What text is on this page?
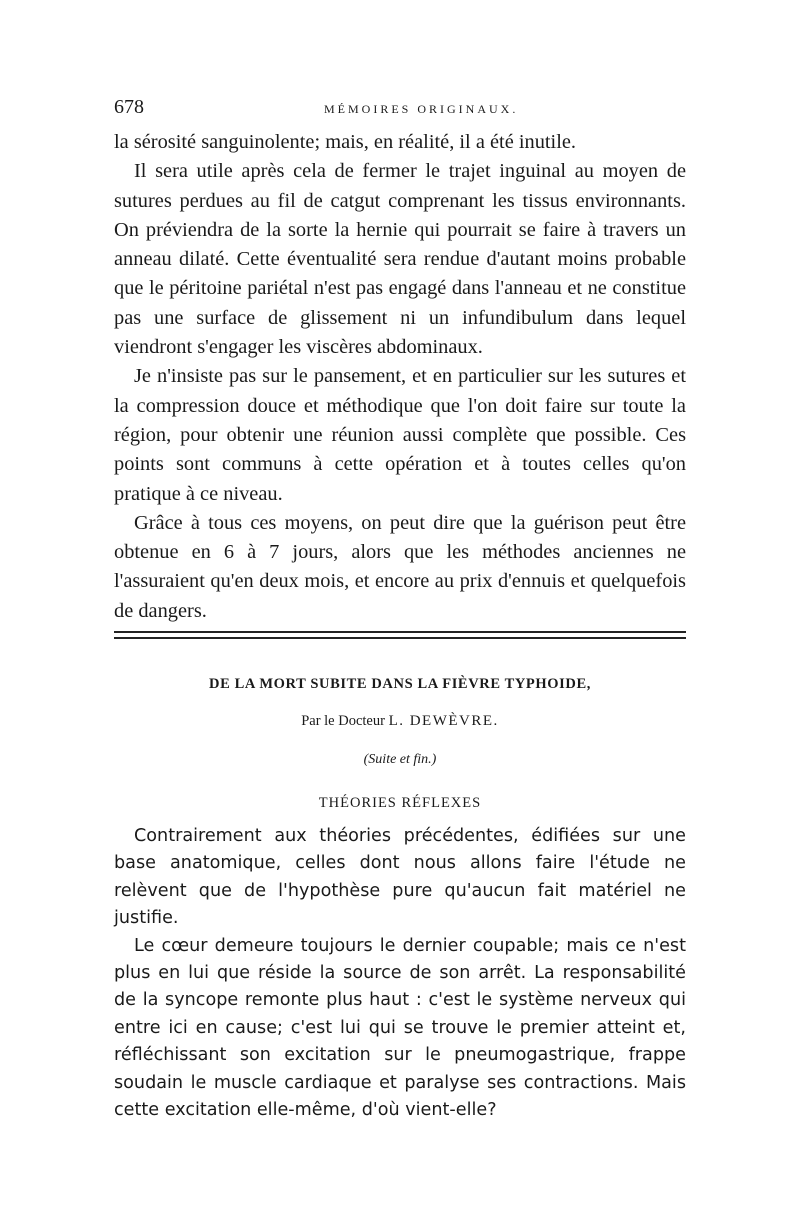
678	MÉMOIRES ORIGINAUX.

la sérosité sanguinolente; mais, en réalité, il a été inutile.

Il sera utile après cela de fermer le trajet inguinal au moyen de sutures perdues au fil de catgut comprenant les tissus environnants. On préviendra de la sorte la hernie qui pourrait se faire à travers un anneau dilaté. Cette éventualité sera rendue d'autant moins probable que le péritoine pariétal n'est pas engagé dans l'anneau et ne constitue pas une surface de glissement ni un infundibulum dans lequel viendront s'engager les viscères abdominaux.

Je n'insiste pas sur le pansement, et en particulier sur les sutures et la compression douce et méthodique que l'on doit faire sur toute la région, pour obtenir une réunion aussi complète que possible. Ces points sont communs à cette opération et à toutes celles qu'on pratique à ce niveau.

Grâce à tous ces moyens, on peut dire que la guérison peut être obtenue en 6 à 7 jours, alors que les méthodes anciennes ne l'assuraient qu'en deux mois, et encore au prix d'ennuis et quelquefois de dangers.

DE LA MORT SUBITE DANS LA FIÈVRE TYPHOIDE,
Par le Docteur L. DEWÈVRE.
(Suite et fin.)
THÉORIES RÉFLEXES

Contrairement aux théories précédentes, édifiées sur une base anatomique, celles dont nous allons faire l'étude ne relèvent que de l'hypothèse pure qu'aucun fait matériel ne justifie.

Le cœur demeure toujours le dernier coupable; mais ce n'est plus en lui que réside la source de son arrêt. La responsabilité de la syncope remonte plus haut : c'est le système nerveux qui entre ici en cause; c'est lui qui se trouve le premier atteint et, réfléchissant son excitation sur le pneumogastrique, frappe soudain le muscle cardiaque et paralyse ses contractions. Mais cette excitation elle-même, d'où vient-elle?
